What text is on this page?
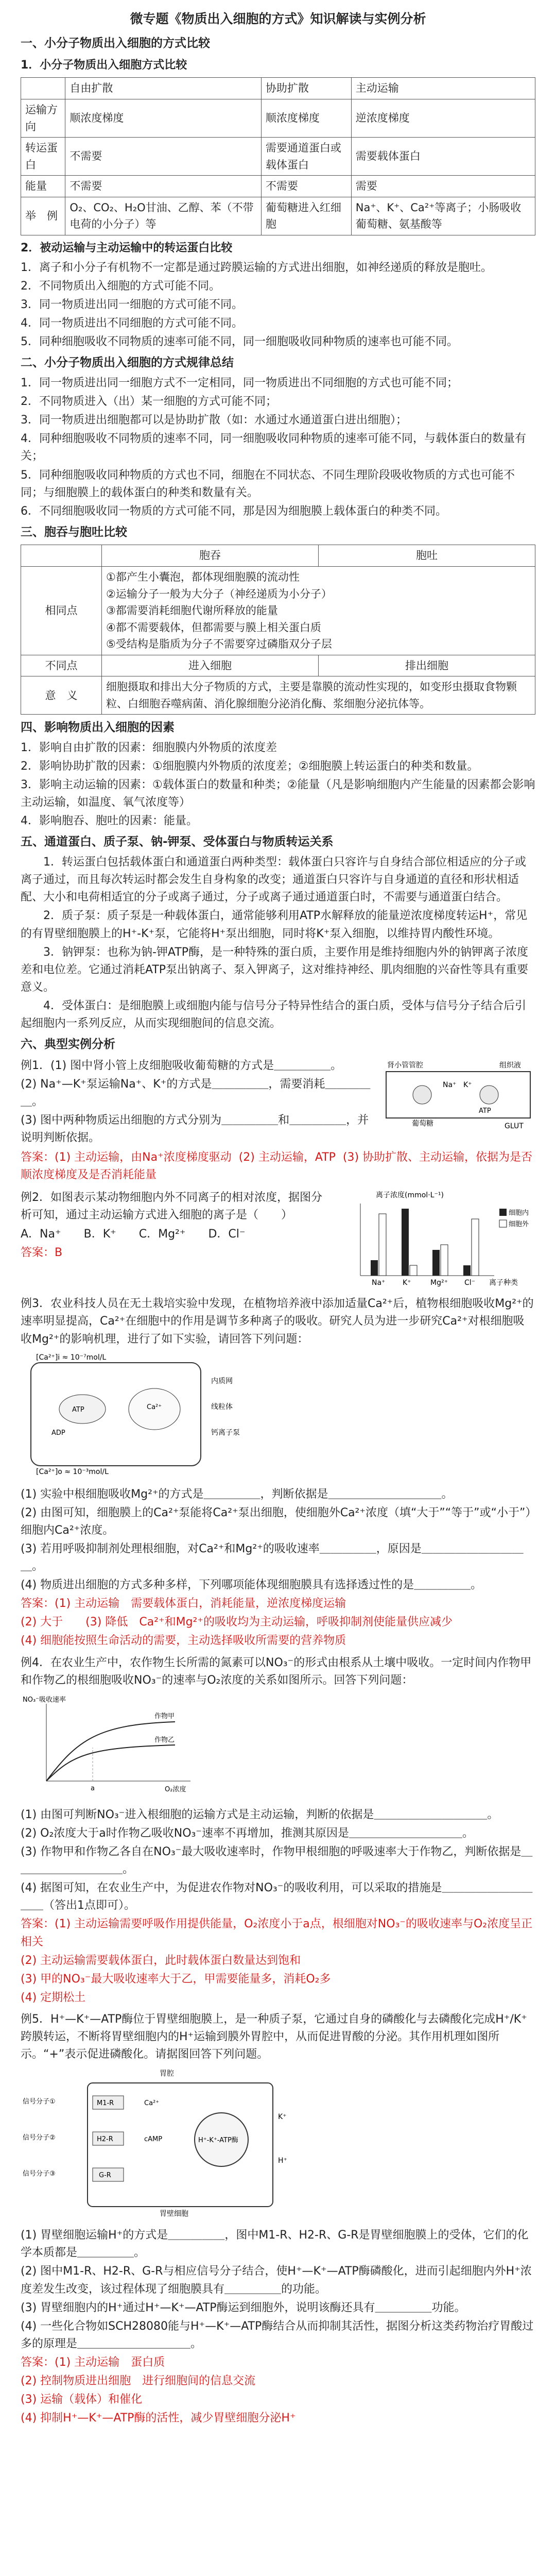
微专题《物质出入细胞的方式》知识解读与实例分析
一、小分子物质出入细胞的方式比较
1．小分子物质出入细胞方式比较
	自由扩散	协助扩散	主动运输
运输方向	顺浓度梯度	顺浓度梯度	逆浓度梯度
转运蛋白	不需要	需要通道蛋白或载体蛋白	需要载体蛋白
能量	不需要	不需要	需要
举　例	O₂、CO₂、H₂O甘油、乙醇、苯（不带电荷的小分子）等	葡萄糖进入红细胞	Na⁺、K⁺、Ca²⁺等离子；小肠吸收葡萄糖、氨基酸等
2．被动运输与主动运输中的转运蛋白比较
1．离子和小分子有机物不一定都是通过跨膜运输的方式进出细胞，如神经递质的释放是胞吐。
2．不同物质出入细胞的方式可能不同。
3．同一物质进出同一细胞的方式可能不同。
4．同一物质进出不同细胞的方式可能不同。
5．同种细胞吸收不同物质的速率可能不同，同一细胞吸收同种物质的速率也可能不同。
二、小分子物质出入细胞的方式规律总结
1．同一物质进出同一细胞方式不一定相同，同一物质进出不同细胞的方式也可能不同；
2．不同物质进入（出）某一细胞的方式可能不同；
3．同一物质进出细胞都可以是协助扩散（如：水通过水通道蛋白进出细胞）；
4．同种细胞吸收不同物质的速率不同，同一细胞吸收同种物质的速率可能不同，与载体蛋白的数量有关；
5．同种细胞吸收同种物质的方式也不同，细胞在不同状态、不同生理阶段吸收物质的方式也可能不同；与细胞膜上的载体蛋白的种类和数量有关。
6．不同细胞吸收同一物质的方式可能不同，那是因为细胞膜上载体蛋白的种类不同。
三、胞吞与胞吐比较
	胞吞	胞吐
相同点	①都产生小囊泡，都体现细胞膜的流动性
②运输分子一般为大分子（神经递质为小分子）
③都需要消耗细胞代谢所释放的能量
④都不需要载体，但都需要与膜上相关蛋白质
⑤受结构是脂质为分子不需要穿过磷脂双分子层	

不同点	进入细胞	排出细胞
意　义	细胞摄取和排出大分子物质的方式，主要是靠膜的流动性实现的，如变形虫摄取食物颗粒、白细胞吞噬病菌、消化腺细胞分泌消化酶、浆细胞分泌抗体等。	
四、影响物质出入细胞的因素
1．影响自由扩散的因素：细胞膜内外物质的浓度差
2．影响协助扩散的因素：①细胞膜内外物质的浓度差；②细胞膜上转运蛋白的种类和数量。
3．影响主动运输的因素：①载体蛋白的数量和种类；②能量（凡是影响细胞内产生能量的因素都会影响主动运输，如温度、氧气浓度等）
4．影响胞吞、胞吐的因素：能量。
五、通道蛋白、质子泵、钠-钾泵、受体蛋白与物质转运关系
1．转运蛋白包括载体蛋白和通道蛋白两种类型：载体蛋白只容许与自身结合部位相适应的分子或离子通过，而且每次转运时都会发生自身构象的改变；通道蛋白只容许与自身通道的直径和形状相适配、大小和电荷相适宜的分子或离子通过，分子或离子通过通道蛋白时，不需要与通道蛋白结合。
2．质子泵：质子泵是一种载体蛋白，通常能够利用ATP水解释放的能量逆浓度梯度转运H⁺，常见的有胃壁细胞膜上的H⁺-K⁺泵，它能将H⁺泵出细胞，同时将K⁺泵入细胞，以维持胃内酸性环境。
3．钠钾泵：也称为钠-钾ATP酶，是一种特殊的蛋白质，主要作用是维持细胞内外的钠钾离子浓度差和电位差。它通过消耗ATP泵出钠离子、泵入钾离子，这对维持神经、肌肉细胞的兴奋性等具有重要意义。
4．受体蛋白：是细胞膜上或细胞内能与信号分子特异性结合的蛋白质，受体与信号分子结合后引起细胞内一系列反应，从而实现细胞间的信息交流。
六、典型实例分析
例1．(1) 图中肾小管上皮细胞吸收葡萄糖的方式是＿＿＿＿＿。
(2) Na⁺—K⁺泵运输Na⁺、K⁺的方式是＿＿＿＿＿，需要消耗＿＿＿＿＿。
(3) 图中两种物质运出细胞的方式分别为＿＿＿＿＿和＿＿＿＿＿，并说明判断依据。
肾小管管腔
葡萄糖
Na⁺ K⁺
ATP
组织液
GLUT
答案：(1) 主动运输，由Na⁺浓度梯度驱动  (2) 主动运输，ATP  (3) 协助扩散、主动运输，依据为是否顺浓度梯度及是否消耗能量
例2．如图表示某动物细胞内外不同离子的相对浓度，据图分析可知，通过主动运输方式进入细胞的离子是（　　）
A．Na⁺　　B．K⁺　　C．Mg²⁺　　D．Cl⁻
答案：B
离子浓度(mmol·L⁻¹)
Na⁺ K⁺	Mg²⁺ Cl⁻ 离子种类
细胞内
细胞外
例3．农业科技人员在无土栽培实验中发现，在植物培养液中添加适量Ca²⁺后，植物根细胞吸收Mg²⁺的速率明显提高，Ca²⁺在细胞中的作用是调节多种离子的吸收。研究人员为进一步研究Ca²⁺对根细胞吸收Mg²⁺的影响机理，进行了如下实验，请回答下列问题：
[Ca²⁺]i ≈ 10⁻⁷mol/L
ATP
ADP
Ca²⁺
[Ca²⁺]o ≈ 10⁻³mol/L
内质网
线粒体
钙离子泵
(1) 实验中根细胞吸收Mg²⁺的方式是＿＿＿＿＿，判断依据是＿＿＿＿＿＿＿＿＿＿。
(2) 由图可知，细胞膜上的Ca²⁺泵能将Ca²⁺泵出细胞，使细胞外Ca²⁺浓度（填“大于”“等于”或“小于”）细胞内Ca²⁺浓度。
(3) 若用呼吸抑制剂处理根细胞，对Ca²⁺和Mg²⁺的吸收速率＿＿＿＿＿，原因是＿＿＿＿＿＿＿＿＿＿。
(4) 物质进出细胞的方式多种多样，下列哪项能体现细胞膜具有选择透过性的是＿＿＿＿＿。
答案：(1) 主动运输　需要载体蛋白，消耗能量，逆浓度梯度运输
(2) 大于　　(3) 降低　Ca²⁺和Mg²⁺的吸收均为主动运输，呼吸抑制剂使能量供应减少
(4) 细胞能按照生命活动的需要，主动选择吸收所需要的营养物质
例4．在农业生产中，农作物生长所需的氮素可以NO₃⁻的形式由根系从土壤中吸收。一定时间内作物甲和作物乙的根细胞吸收NO₃⁻的速率与O₂浓度的关系如图所示。回答下列问题：
NO₃⁻吸收速率
O₂浓度
作物甲
作物乙
a
(1) 由图可判断NO₃⁻进入根细胞的运输方式是主动运输，判断的依据是＿＿＿＿＿＿＿＿＿＿。
(2) O₂浓度大于a时作物乙吸收NO₃⁻速率不再增加，推测其原因是＿＿＿＿＿＿＿＿＿＿。
(3) 作物甲和作物乙各自在NO₃⁻最大吸收速率时，作物甲根细胞的呼吸速率大于作物乙，判断依据是＿＿＿＿＿＿＿＿＿＿。
(4) 据图可知，在农业生产中，为促进农作物对NO₃⁻的吸收利用，可以采取的措施是＿＿＿＿＿＿＿＿＿＿（答出1点即可）。
答案：(1) 主动运输需要呼吸作用提供能量，O₂浓度小于a点，根细胞对NO₃⁻的吸收速率与O₂浓度呈正相关
(2) 主动运输需要载体蛋白，此时载体蛋白数量达到饱和
(3) 甲的NO₃⁻最大吸收速率大于乙，甲需要能量多，消耗O₂多
(4) 定期松土
例5．H⁺—K⁺—ATP酶位于胃壁细胞膜上，是一种质子泵，它通过自身的磷酸化与去磷酸化完成H⁺/K⁺跨膜转运，不断将胃壁细胞内的H⁺运输到膜外胃腔中，从而促进胃酸的分泌。其作用机理如图所示。“+”表示促进磷酸化。请据图回答下列问题。
胃腔
信号分子①
信号分子②
信号分子③
M1-R
H2-R
G-R
Ca²⁺
cAMP	H⁺-K⁺-ATP酶
K⁺
H⁺
胃壁细胞
(1) 胃壁细胞运输H⁺的方式是＿＿＿＿＿，图中M1-R、H2-R、G-R是胃壁细胞膜上的受体，它们的化学本质都是＿＿＿＿＿。
(2) 图中M1-R、H2-R、G-R与相应信号分子结合，使H⁺—K⁺—ATP酶磷酸化，进而引起细胞内外H⁺浓度差发生改变，该过程体现了细胞膜具有＿＿＿＿＿的功能。
(3) 胃壁细胞内的H⁺通过H⁺—K⁺—ATP酶运到细胞外，说明该酶还具有＿＿＿＿＿功能。
(4) 一些化合物如SCH28080能与H⁺—K⁺—ATP酶结合从而抑制其活性，据图分析这类药物治疗胃酸过多的原理是＿＿＿＿＿＿＿＿＿＿。
答案：(1) 主动运输　蛋白质
(2) 控制物质进出细胞　进行细胞间的信息交流
(3) 运输（载体）和催化
(4) 抑制H⁺—K⁺—ATP酶的活性，减少胃壁细胞分泌H⁺
